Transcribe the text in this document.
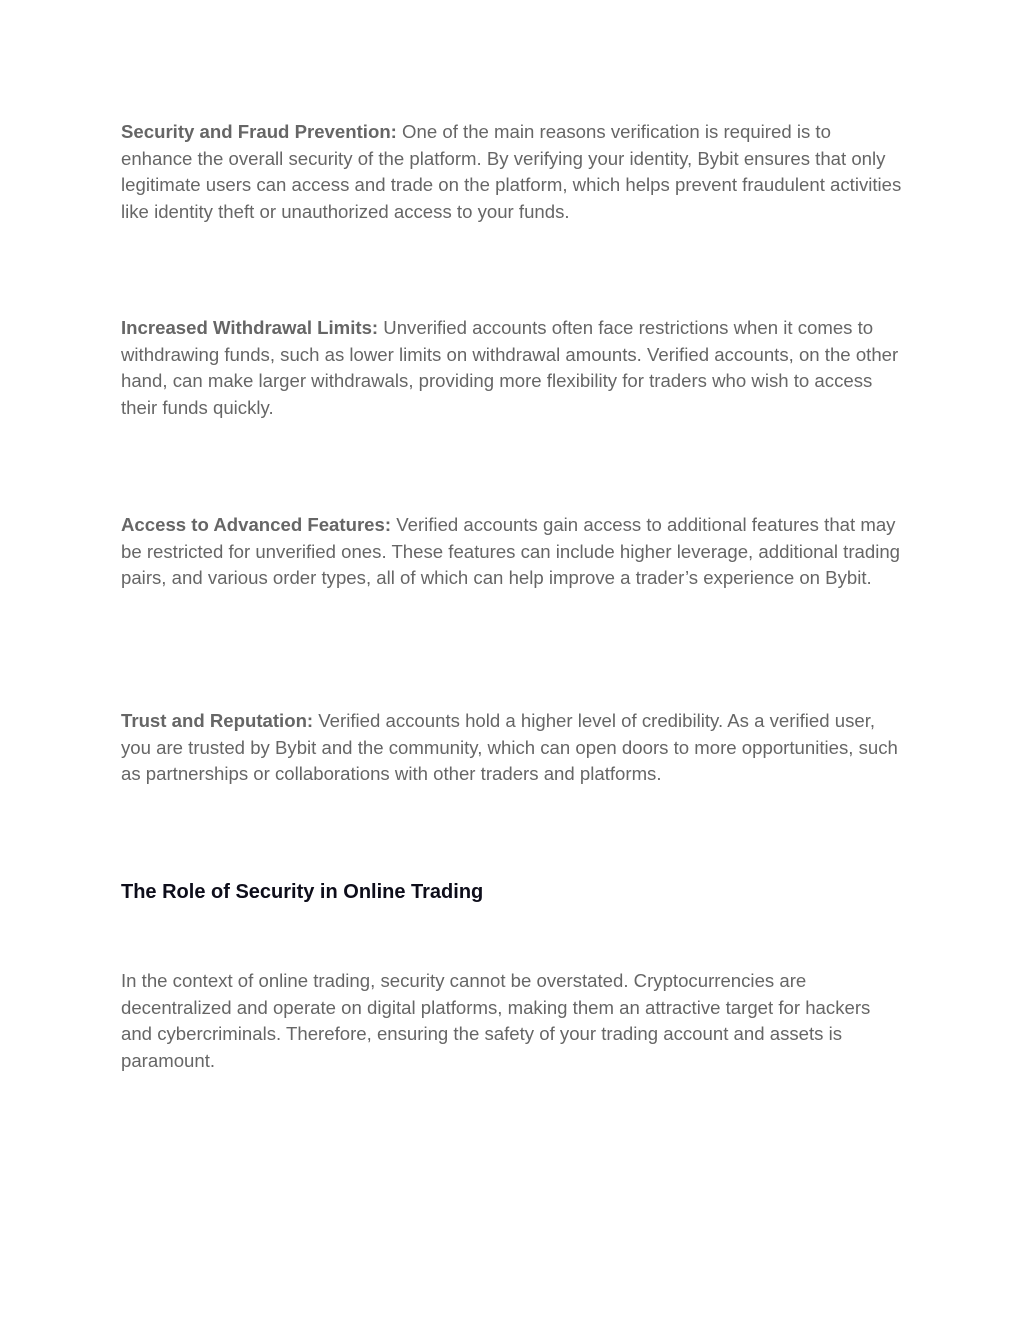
Security and Fraud Prevention: One of the main reasons verification is required is to enhance the overall security of the platform. By verifying your identity, Bybit ensures that only legitimate users can access and trade on the platform, which helps prevent fraudulent activities like identity theft or unauthorized access to your funds.

Increased Withdrawal Limits: Unverified accounts often face restrictions when it comes to withdrawing funds, such as lower limits on withdrawal amounts. Verified accounts, on the other hand, can make larger withdrawals, providing more flexibility for traders who wish to access their funds quickly.

Access to Advanced Features: Verified accounts gain access to additional features that may be restricted for unverified ones. These features can include higher leverage, additional trading pairs, and various order types, all of which can help improve a trader’s experience on Bybit.

Trust and Reputation: Verified accounts hold a higher level of credibility. As a verified user, you are trusted by Bybit and the community, which can open doors to more opportunities, such as partnerships or collaborations with other traders and platforms.

The Role of Security in Online Trading

In the context of online trading, security cannot be overstated. Cryptocurrencies are decentralized and operate on digital platforms, making them an attractive target for hackers and cybercriminals. Therefore, ensuring the safety of your trading account and assets is paramount.
